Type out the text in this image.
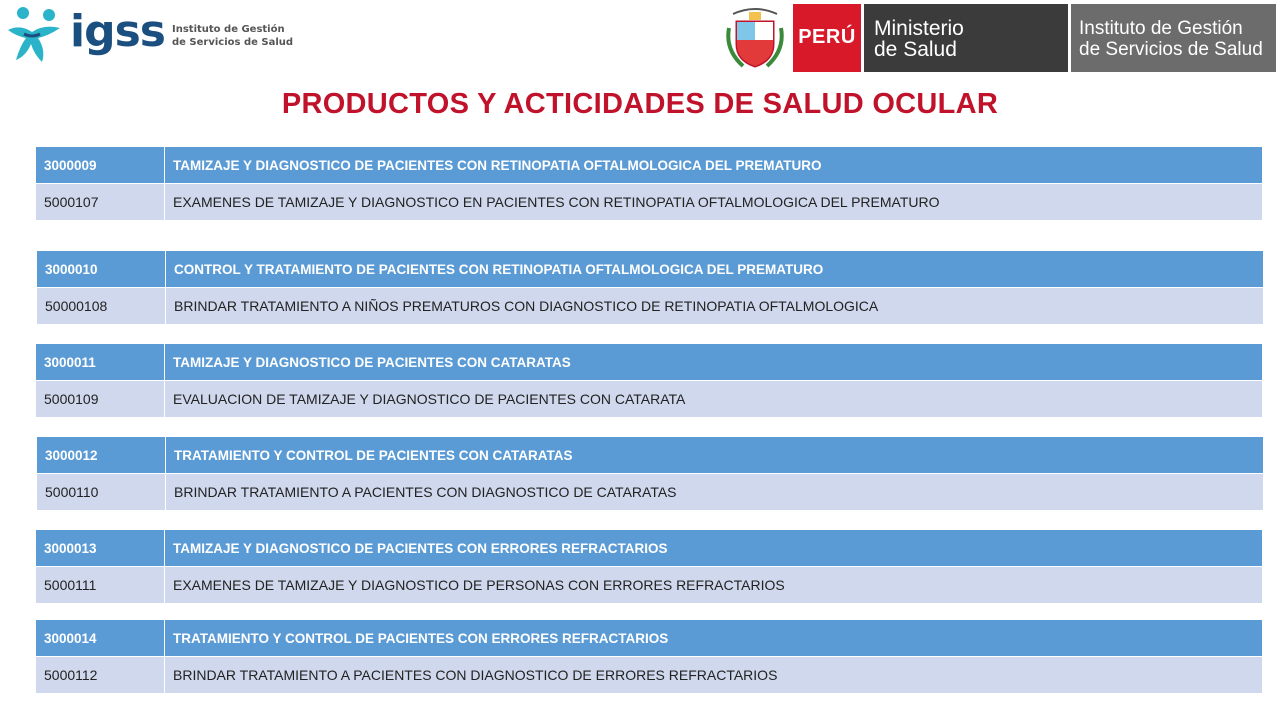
igss Instituto de Gestión
de Servicios de Salud	PERÚ Ministerio
de Salud
Instituto de Gestión
de Servicios de Salud
PRODUCTOS Y ACTICIDADES DE SALUD OCULAR
3000009	TAMIZAJE Y DIAGNOSTICO DE PACIENTES CON RETINOPATIA OFTALMOLOGICA DEL PREMATURO
5000107	EXAMENES DE TAMIZAJE Y DIAGNOSTICO EN PACIENTES CON RETINOPATIA OFTALMOLOGICA DEL PREMATURO
3000010	CONTROL Y TRATAMIENTO DE PACIENTES CON RETINOPATIA OFTALMOLOGICA DEL PREMATURO
50000108	BRINDAR TRATAMIENTO A NIÑOS PREMATUROS CON DIAGNOSTICO DE RETINOPATIA OFTALMOLOGICA
3000011	TAMIZAJE Y DIAGNOSTICO DE PACIENTES CON CATARATAS
5000109	EVALUACION DE TAMIZAJE Y DIAGNOSTICO DE PACIENTES CON CATARATA
3000012	TRATAMIENTO Y CONTROL DE PACIENTES CON CATARATAS
5000110	BRINDAR TRATAMIENTO A PACIENTES CON DIAGNOSTICO DE CATARATAS
3000013	TAMIZAJE Y DIAGNOSTICO DE PACIENTES CON ERRORES REFRACTARIOS
5000111	EXAMENES DE TAMIZAJE Y DIAGNOSTICO DE PERSONAS CON ERRORES REFRACTARIOS
3000014	TRATAMIENTO Y CONTROL DE PACIENTES CON ERRORES REFRACTARIOS
5000112	BRINDAR TRATAMIENTO A PACIENTES CON DIAGNOSTICO DE ERRORES REFRACTARIOS
